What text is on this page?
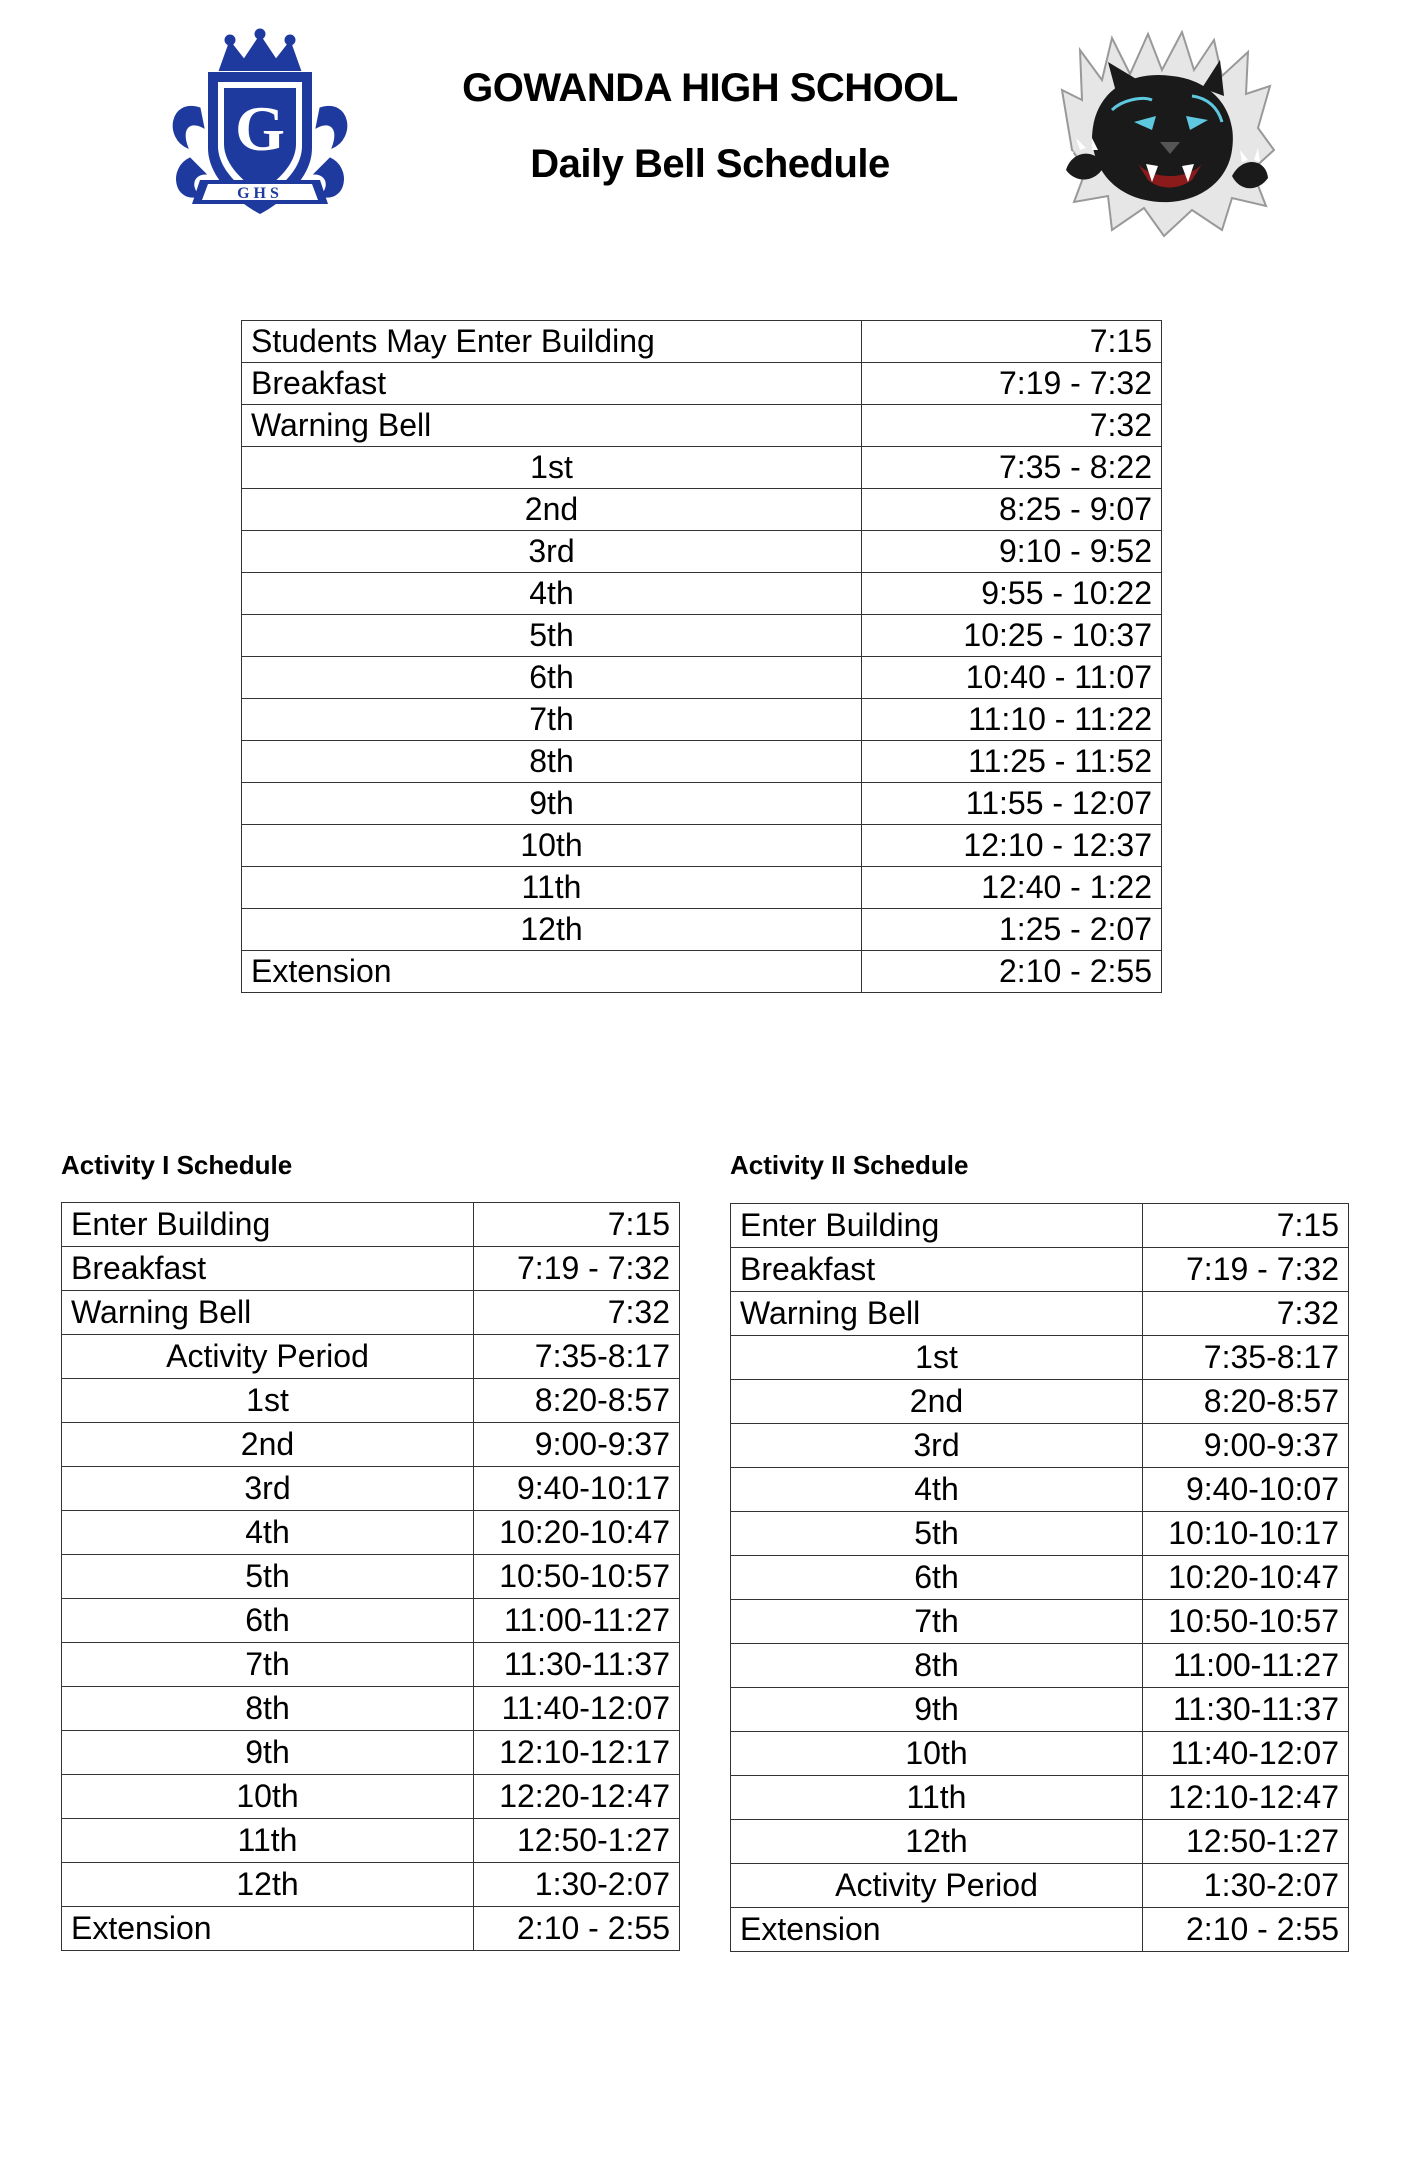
G
GHS
GOWANDA HIGH SCHOOL
Daily Bell Schedule
Students May Enter Building	7:15
Breakfast	7:19 - 7:32
Warning Bell	7:32
1st	7:35 - 8:22
2nd	8:25 - 9:07
3rd	9:10 - 9:52
4th	9:55 - 10:22
5th	10:25 - 10:37
6th	10:40 - 11:07
7th	11:10 - 11:22
8th	11:25 - 11:52
9th	11:55 - 12:07
10th	12:10 - 12:37
11th	12:40 - 1:22
12th	1:25 - 2:07
Extension	2:10 - 2:55
Activity I Schedule	Activity II Schedule
Enter Building	7:15
Breakfast	7:19 - 7:32
Warning Bell	7:32
Activity Period	7:35-8:17
1st	8:20-8:57
2nd	9:00-9:37
3rd	9:40-10:17
4th	10:20-10:47
5th	10:50-10:57
6th	11:00-11:27
7th	11:30-11:37
8th	11:40-12:07
9th	12:10-12:17
10th	12:20-12:47
11th	12:50-1:27
12th	1:30-2:07
Extension	2:10 - 2:55
Enter Building	7:15
Breakfast	7:19 - 7:32
Warning Bell	7:32
1st	7:35-8:17
2nd	8:20-8:57
3rd	9:00-9:37
4th	9:40-10:07
5th	10:10-10:17
6th	10:20-10:47
7th	10:50-10:57
8th	11:00-11:27
9th	11:30-11:37
10th	11:40-12:07
11th	12:10-12:47
12th	12:50-1:27
Activity Period	1:30-2:07
Extension	2:10 - 2:55
